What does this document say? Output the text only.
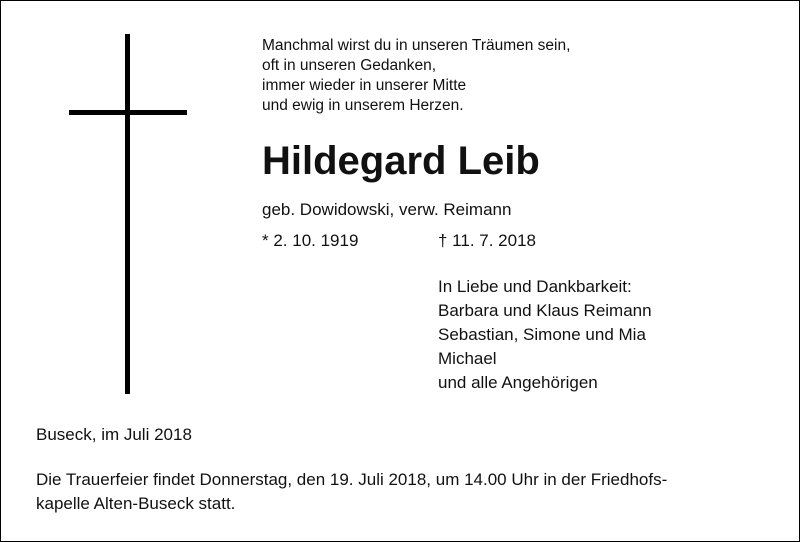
Manchmal wirst du in unseren Träumen sein,
oft in unseren Gedanken,
immer wieder in unserer Mitte
und ewig in unserem Herzen.
Hildegard Leib
geb. Dowidowski, verw. Reimann
* 2. 10. 1919	† 11. 7. 2018
In Liebe und Dankbarkeit:
Barbara und Klaus Reimann
Sebastian, Simone und Mia
Michael
und alle Angehörigen
Buseck, im Juli 2018
Die Trauerfeier findet Donnerstag, den 19. Juli 2018, um 14.00 Uhr in der Friedhofs-
kapelle Alten-Buseck statt.
